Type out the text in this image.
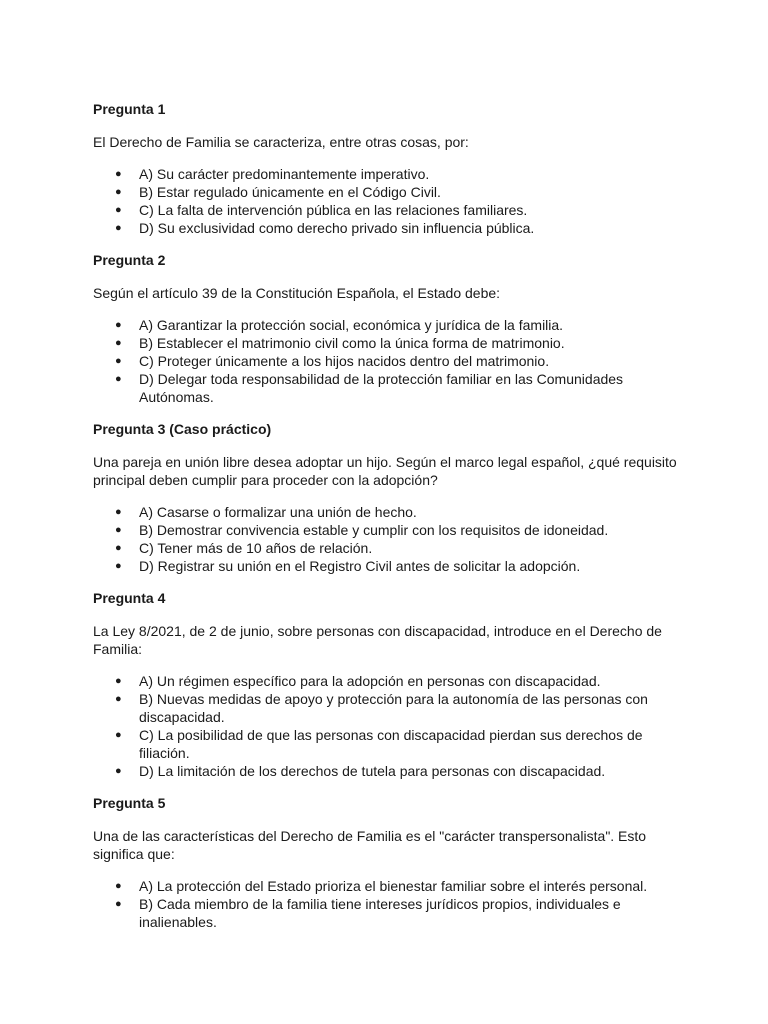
Pregunta 1

El Derecho de Familia se caracteriza, entre otras cosas, por:

● A) Su carácter predominantemente imperativo.
● B) Estar regulado únicamente en el Código Civil.
● C) La falta de intervención pública en las relaciones familiares.
● D) Su exclusividad como derecho privado sin influencia pública.

Pregunta 2

Según el artículo 39 de la Constitución Española, el Estado debe:

● A) Garantizar la protección social, económica y jurídica de la familia.
● B) Establecer el matrimonio civil como la única forma de matrimonio.
● C) Proteger únicamente a los hijos nacidos dentro del matrimonio.
● D) Delegar toda responsabilidad de la protección familiar en las Comunidades Autónomas.

Pregunta 3 (Caso práctico)

Una pareja en unión libre desea adoptar un hijo. Según el marco legal español, ¿qué requisito principal deben cumplir para proceder con la adopción?

● A) Casarse o formalizar una unión de hecho.
● B) Demostrar convivencia estable y cumplir con los requisitos de idoneidad.
● C) Tener más de 10 años de relación.
● D) Registrar su unión en el Registro Civil antes de solicitar la adopción.

Pregunta 4

La Ley 8/2021, de 2 de junio, sobre personas con discapacidad, introduce en el Derecho de Familia:

● A) Un régimen específico para la adopción en personas con discapacidad.
● B) Nuevas medidas de apoyo y protección para la autonomía de las personas con discapacidad.
● C) La posibilidad de que las personas con discapacidad pierdan sus derechos de filiación.
● D) La limitación de los derechos de tutela para personas con discapacidad.

Pregunta 5

Una de las características del Derecho de Familia es el "carácter transpersonalista". Esto significa que:

● A) La protección del Estado prioriza el bienestar familiar sobre el interés personal.
● B) Cada miembro de la familia tiene intereses jurídicos propios, individuales e inalienables.
